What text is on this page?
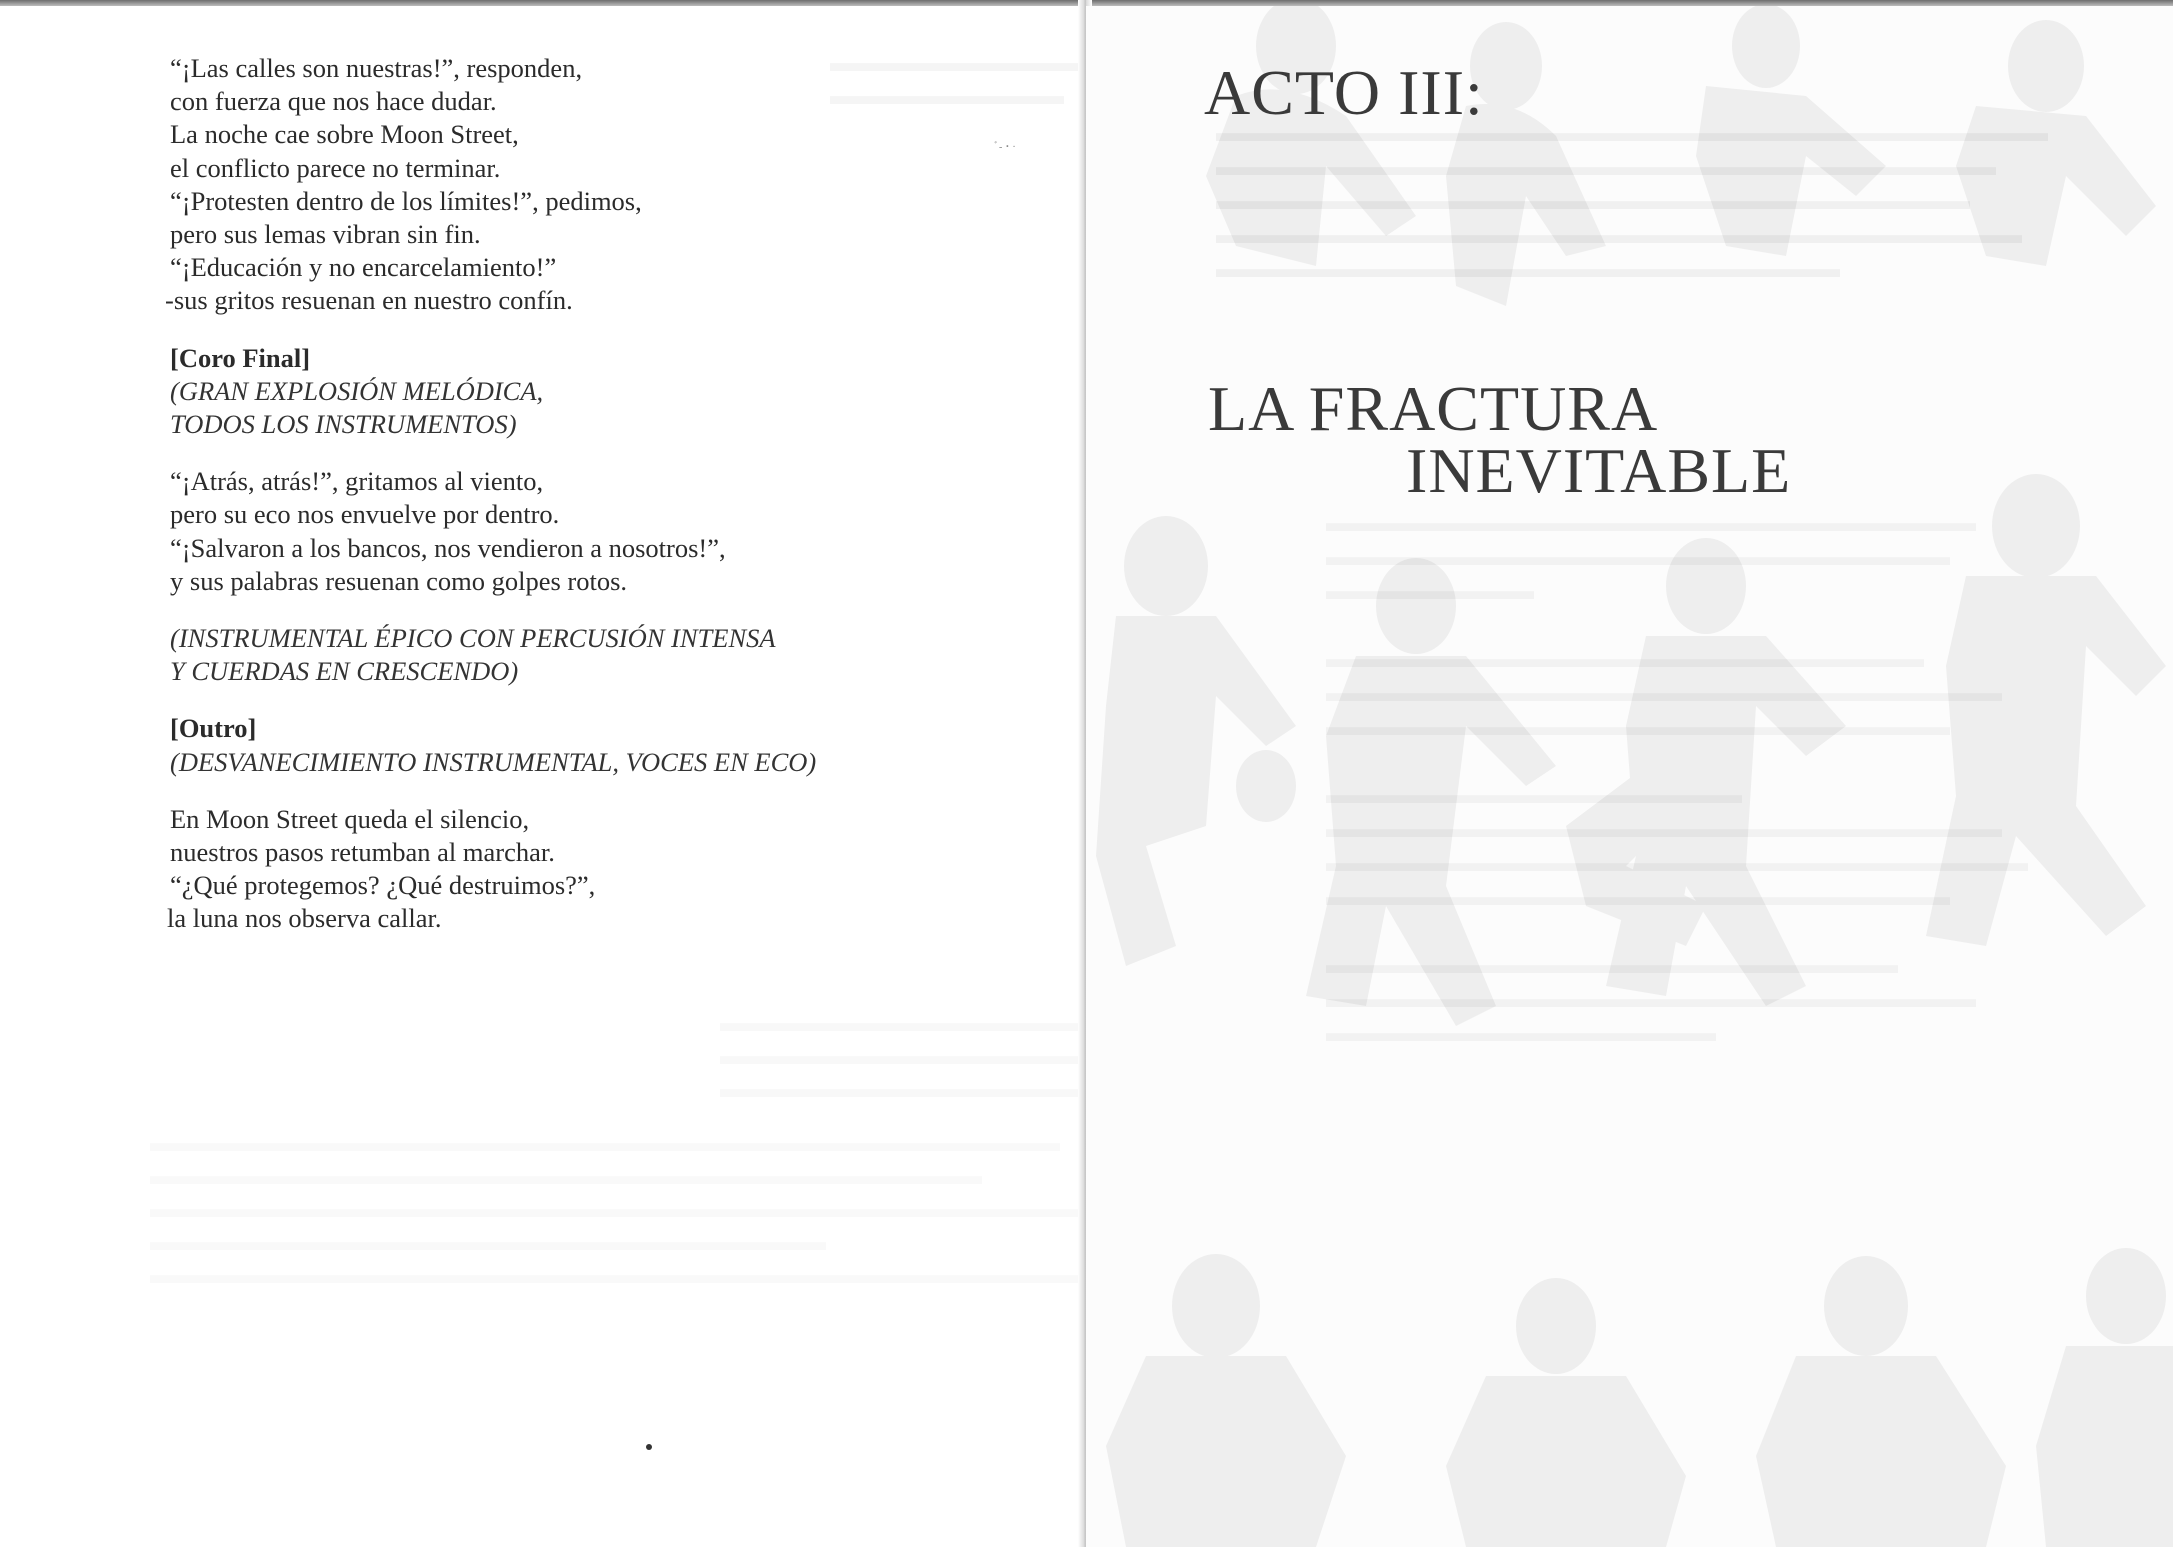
ﾞ- ･ ·
“¡Las calles son nuestras!”, responden,
con fuerza que nos hace dudar.
La noche cae sobre Moon Street,
el conflicto parece no terminar.
“¡Protesten dentro de los límites!”, pedimos,
pero sus lemas vibran sin fin.
“¡Educación y no encarcelamiento!”
-sus gritos resuenan en nuestro confín.
[Coro Final]
(GRAN EXPLOSIÓN MELÓDICA,
TODOS LOS INSTRUMENTOS)
“¡Atrás, atrás!”, gritamos al viento,
pero su eco nos envuelve por dentro.
“¡Salvaron a los bancos, nos vendieron a nosotros!”,
y sus palabras resuenan como golpes rotos.
(INSTRUMENTAL ÉPICO CON PERCUSIÓN INTENSA
Y CUERDAS EN CRESCENDO)
[Outro]
(DESVANECIMIENTO INSTRUMENTAL, VOCES EN ECO)
En Moon Street queda el silencio,
nuestros pasos retumban al marchar.
“¿Qué protegemos? ¿Qué destruimos?”,
la luna nos observa callar.
ACTO III:
LA FRACTURA
INEVITABLE
